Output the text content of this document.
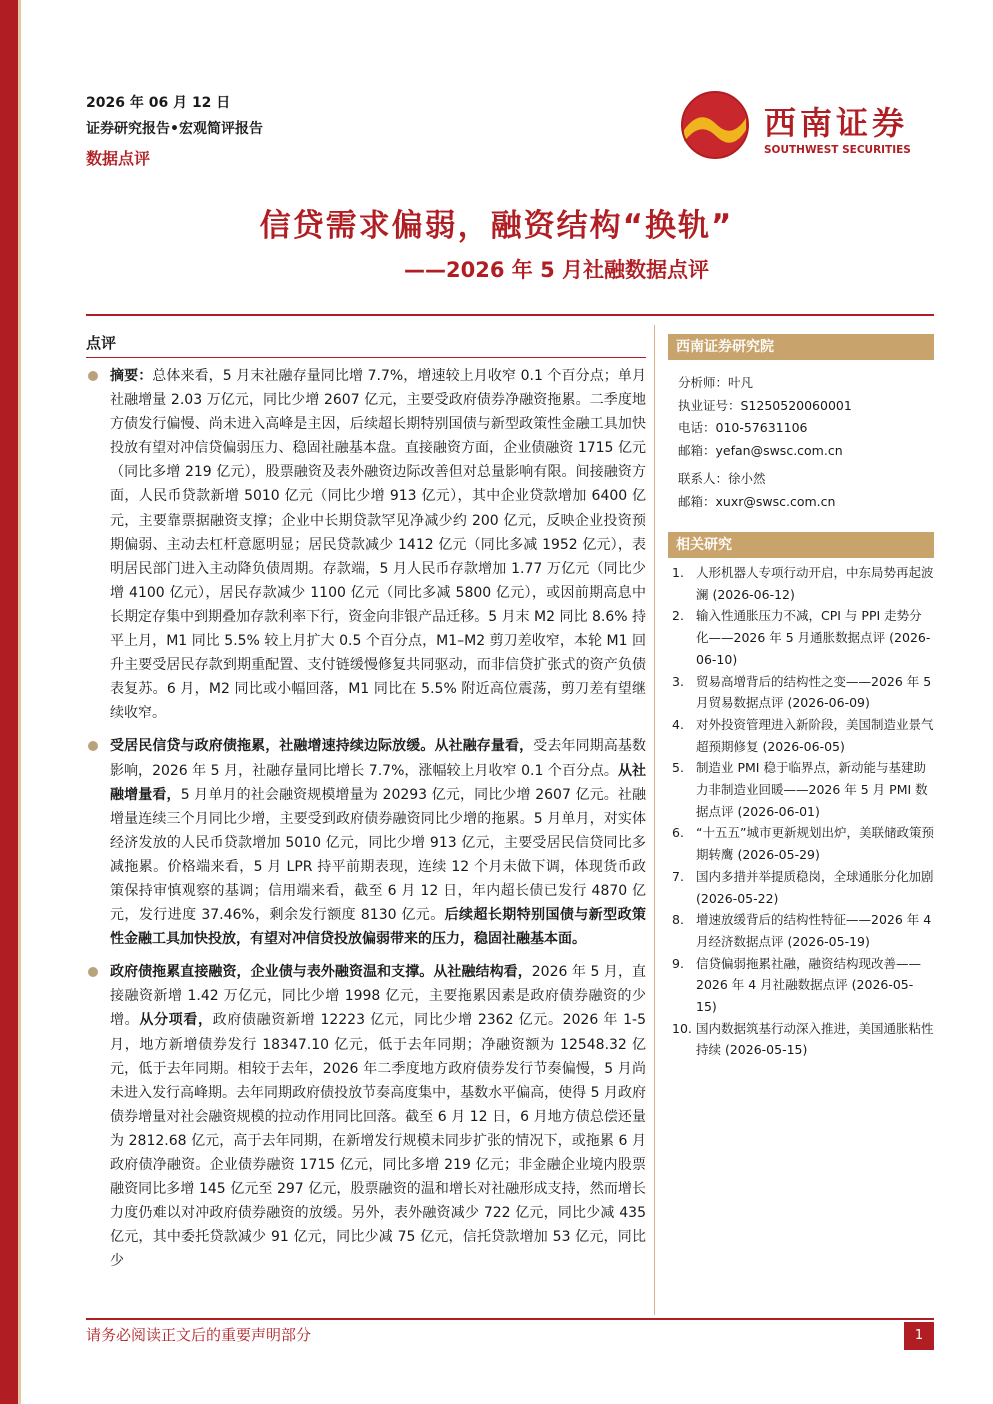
2026 年 06 月 12 日
证券研究报告•宏观简评报告
数据点评
西南证券
SOUTHWEST SECURITIES
信贷需求偏弱，融资结构“换轨”
——2026 年 5 月社融数据点评
点评
摘要：总体来看，5 月末社融存量同比增 7.7%，增速较上月收窄 0.1 个百分点；单月社融增量 2.03 万亿元，同比少增 2607 亿元，主要受政府债券净融资拖累。二季度地方债发行偏慢、尚未进入高峰是主因，后续超长期特别国债与新型政策性金融工具加快投放有望对冲信贷偏弱压力、稳固社融基本盘。直接融资方面，企业债融资 1715 亿元（同比多增 219 亿元），股票融资及表外融资边际改善但对总量影响有限。间接融资方面，人民币贷款新增 5010 亿元（同比少增 913 亿元），其中企业贷款增加 6400 亿元，主要靠票据融资支撑；企业中长期贷款罕见净减少约 200 亿元，反映企业投资预期偏弱、主动去杠杆意愿明显；居民贷款减少 1412 亿元（同比多减 1952 亿元），表明居民部门进入主动降负债周期。存款端，5 月人民币存款增加 1.77 万亿元（同比少增 4100 亿元），居民存款减少 1100 亿元（同比多减 5800 亿元），或因前期高息中长期定存集中到期叠加存款利率下行，资金向非银产品迁移。5 月末 M2 同比 8.6% 持平上月，M1 同比 5.5% 较上月扩大 0.5 个百分点，M1–M2 剪刀差收窄，本轮 M1 回升主要受居民存款到期重配置、支付链缓慢修复共同驱动，而非信贷扩张式的资产负债表复苏。6 月，M2 同比或小幅回落，M1 同比在 5.5% 附近高位震荡，剪刀差有望继续收窄。
受居民信贷与政府债拖累，社融增速持续边际放缓。从社融存量看，受去年同期高基数影响，2026 年 5 月，社融存量同比增长 7.7%，涨幅较上月收窄 0.1 个百分点。从社融增量看，5 月单月的社会融资规模增量为 20293 亿元，同比少增 2607 亿元。社融增量连续三个月同比少增，主要受到政府债券融资同比少增的拖累。5 月单月，对实体经济发放的人民币贷款增加 5010 亿元，同比少增 913 亿元，主要受居民信贷同比多减拖累。价格端来看，5 月 LPR 持平前期表现，连续 12 个月未做下调，体现货币政策保持审慎观察的基调；信用端来看，截至 6 月 12 日，年内超长债已发行 4870 亿元，发行进度 37.46%，剩余发行额度 8130 亿元。后续超长期特别国债与新型政策性金融工具加快投放，有望对冲信贷投放偏弱带来的压力，稳固社融基本面。
政府债拖累直接融资，企业债与表外融资温和支撑。从社融结构看，2026 年 5 月，直接融资新增 1.42 万亿元，同比少增 1998 亿元，主要拖累因素是政府债券融资的少增。从分项看，政府债融资新增 12223 亿元，同比少增 2362 亿元。2026 年 1-5 月，地方新增债券发行 18347.10 亿元，低于去年同期；净融资额为 12548.32 亿元，低于去年同期。相较于去年，2026 年二季度地方政府债券发行节奏偏慢，5 月尚未进入发行高峰期。去年同期政府债投放节奏高度集中，基数水平偏高，使得 5 月政府债券增量对社会融资规模的拉动作用同比回落。截至 6 月 12 日，6 月地方债总偿还量为 2812.68 亿元，高于去年同期，在新增发行规模未同步扩张的情况下，或拖累 6 月政府债净融资。企业债券融资 1715 亿元，同比多增 219 亿元；非金融企业境内股票融资同比多增 145 亿元至 297 亿元，股票融资的温和增长对社融形成支持，然而增长力度仍难以对冲政府债券融资的放缓。另外，表外融资减少 722 亿元，同比少减 435 亿元，其中委托贷款减少 91 亿元，同比少减 75 亿元，信托贷款增加 53 亿元，同比少
西南证券研究院
分析师：叶凡
执业证号：S1250520060001
电话：010-57631106
邮箱：yefan@swsc.com.cn
联系人：徐小然
邮箱：xuxr@swsc.com.cn
相关研究
1. 人形机器人专项行动开启，中东局势再起波澜 (2026-06-12)
2. 输入性通胀压力不减，CPI 与 PPI 走势分化——2026 年 5 月通胀数据点评 (2026-06-10)
3. 贸易高增背后的结构性之变——2026 年 5 月贸易数据点评 (2026-06-09)
4. 对外投资管理进入新阶段，美国制造业景气超预期修复 (2026-06-05)
5. 制造业 PMI 稳于临界点，新动能与基建助力非制造业回暖——2026 年 5 月 PMI 数据点评 (2026-06-01)
6. “十五五”城市更新规划出炉，美联储政策预期转鹰 (2026-05-29)
7. 国内多措并举提质稳岗，全球通胀分化加剧 (2026-05-22)
8. 增速放缓背后的结构性特征——2026 年 4 月经济数据点评 (2026-05-19)
9. 信贷偏弱拖累社融，融资结构现改善——2026 年 4 月社融数据点评 (2026-05-15)
10. 国内数据筑基行动深入推进，美国通胀粘性持续 (2026-05-15)
请务必阅读正文后的重要声明部分	1
